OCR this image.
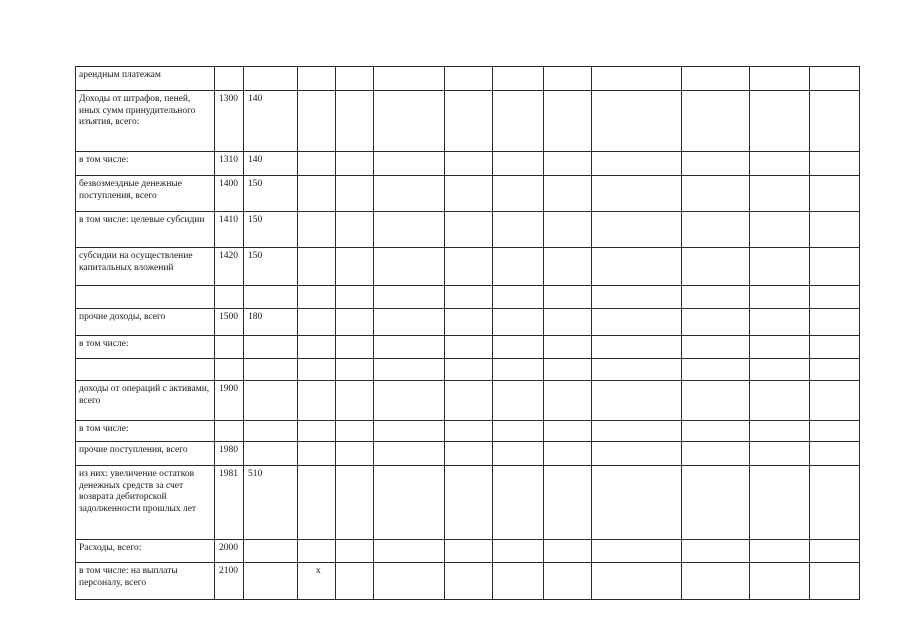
арендным платежам												
Доходы от штрафов, пеней, иных сумм принудительного изъятия, всего:	1300	140										
в том числе:	1310	140										
безвозмездные денежные поступления, всего	1400	150										
в том числе: целевые субсидии	1410	150										
субсидии на осуществление капитальных вложений	1420	150										

прочие доходы, всего	1500	180										
в том числе:												

доходы от операций с активами, всего	1900											
в том числе:												
прочие поступления, всего	1980											
из них: увеличение остатков денежных средств за счет возврата дебиторской задолженности прошлых лет	1981	510										
Расходы, всего:	2000											
в том числе: на выплаты персоналу, всего	2100		x									
